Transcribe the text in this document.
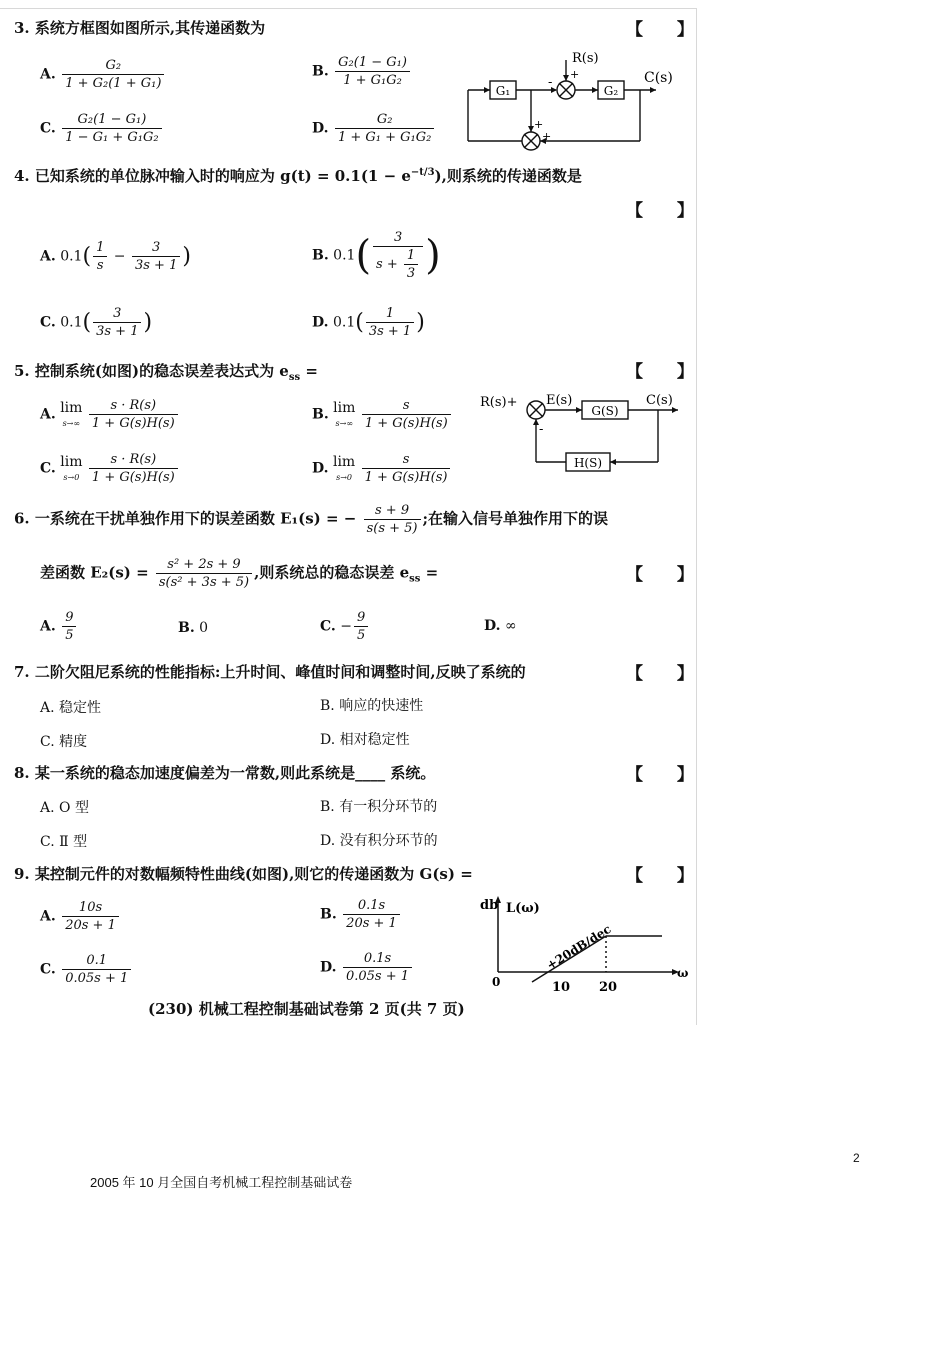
3. 系统方框图如图所示,其传递函数为	【 】
A. $\frac{\text{G₂}}{\text{1 + G₂(1 + G₁)}}$	B. $\frac{\text{G₂(1 − G₁)}}{\text{1 + G₁G₂}}$
C. $\frac{\text{G₂(1 − G₁)}}{\text{1 − G₁ + G₁G₂}}$	D. $\frac{\text{G₂}}{\text{1 + G₁ + G₁G₂}}$
G₁	G₂
R(s)
C(s)
-
+
+
+
4. 已知系统的单位脉冲输入时的响应为 $g(t) = 0.1(1 - e^{-t/3})$,则系统的传递函数是
【 】
A. $0.1( \frac{1}{s} - \frac{3}{3s + 1}$ )	B. $0.1( \frac{3}{s + \frac{1}{3}}$ )
C. $0.1( \frac{3}{3s + 1}$ )	D. $0.1( \frac{1}{3s + 1}$ )
5. 控制系统(如图)的稳态误差表达式为 $e_{ss}$ =	【 】
A. lim
$s\to\infty \frac{s \cdot R(s)}{1 + G(s)H(s)}$	B. lim
$s\to\infty \frac{s}{1 + G(s)H(s)}$
C. lim
$s\to 0 \frac{s \cdot R(s)}{1 + G(s)H(s)}$	D. lim
$s\to 0 \frac{s}{1 + G(s)H(s)}$
R(s)+ E(s)
G(S)
C(s)
H(S)
-
6. 一系统在干扰单独作用下的误差函数 E₁(s) = − $\frac{s + 9}{s(s + 5)}$ ;在输入信号单独作用下的误
差函数 $E_2(s) = \frac{\text{s² + 2s + 9}}{\text{s(s² + 3s + 5)}}$ ,则系统总的稳态误差 $e_{ss}$ =	【 】
A. $\frac{9}{5}$	B. 0	C. − $\frac{9}{5}$	D. ∞
7. 二阶欠阻尼系统的性能指标:上升时间、峰值时间和调整时间,反映了系统的	【 】
A. 稳定性	B. 响应的快速性
C. 精度	D. 相对稳定性
8. 某一系统的稳态加速度偏差为一常数,则此系统是____ 系统。	【 】
A. O 型	B. 有一积分环节的
C. Ⅱ 型	D. 没有积分环节的
9. 某控制元件的对数幅频特性曲线(如图),则它的传递函数为 G(s) =	【 】
A. $\frac{10s}{20s + 1}$	B. $\frac{0.1s}{20s + 1}$
C. $\frac{0.1}{0.05s + 1}$	D. $\frac{0.1s}{0.05s + 1}$
db L(ω)
+20dB/dec
0	10 20
ω
(230) 机械工程控制基础试卷第 2 页(共 7 页)
2
2005 年 10 月全国自考机械工程控制基础试卷
